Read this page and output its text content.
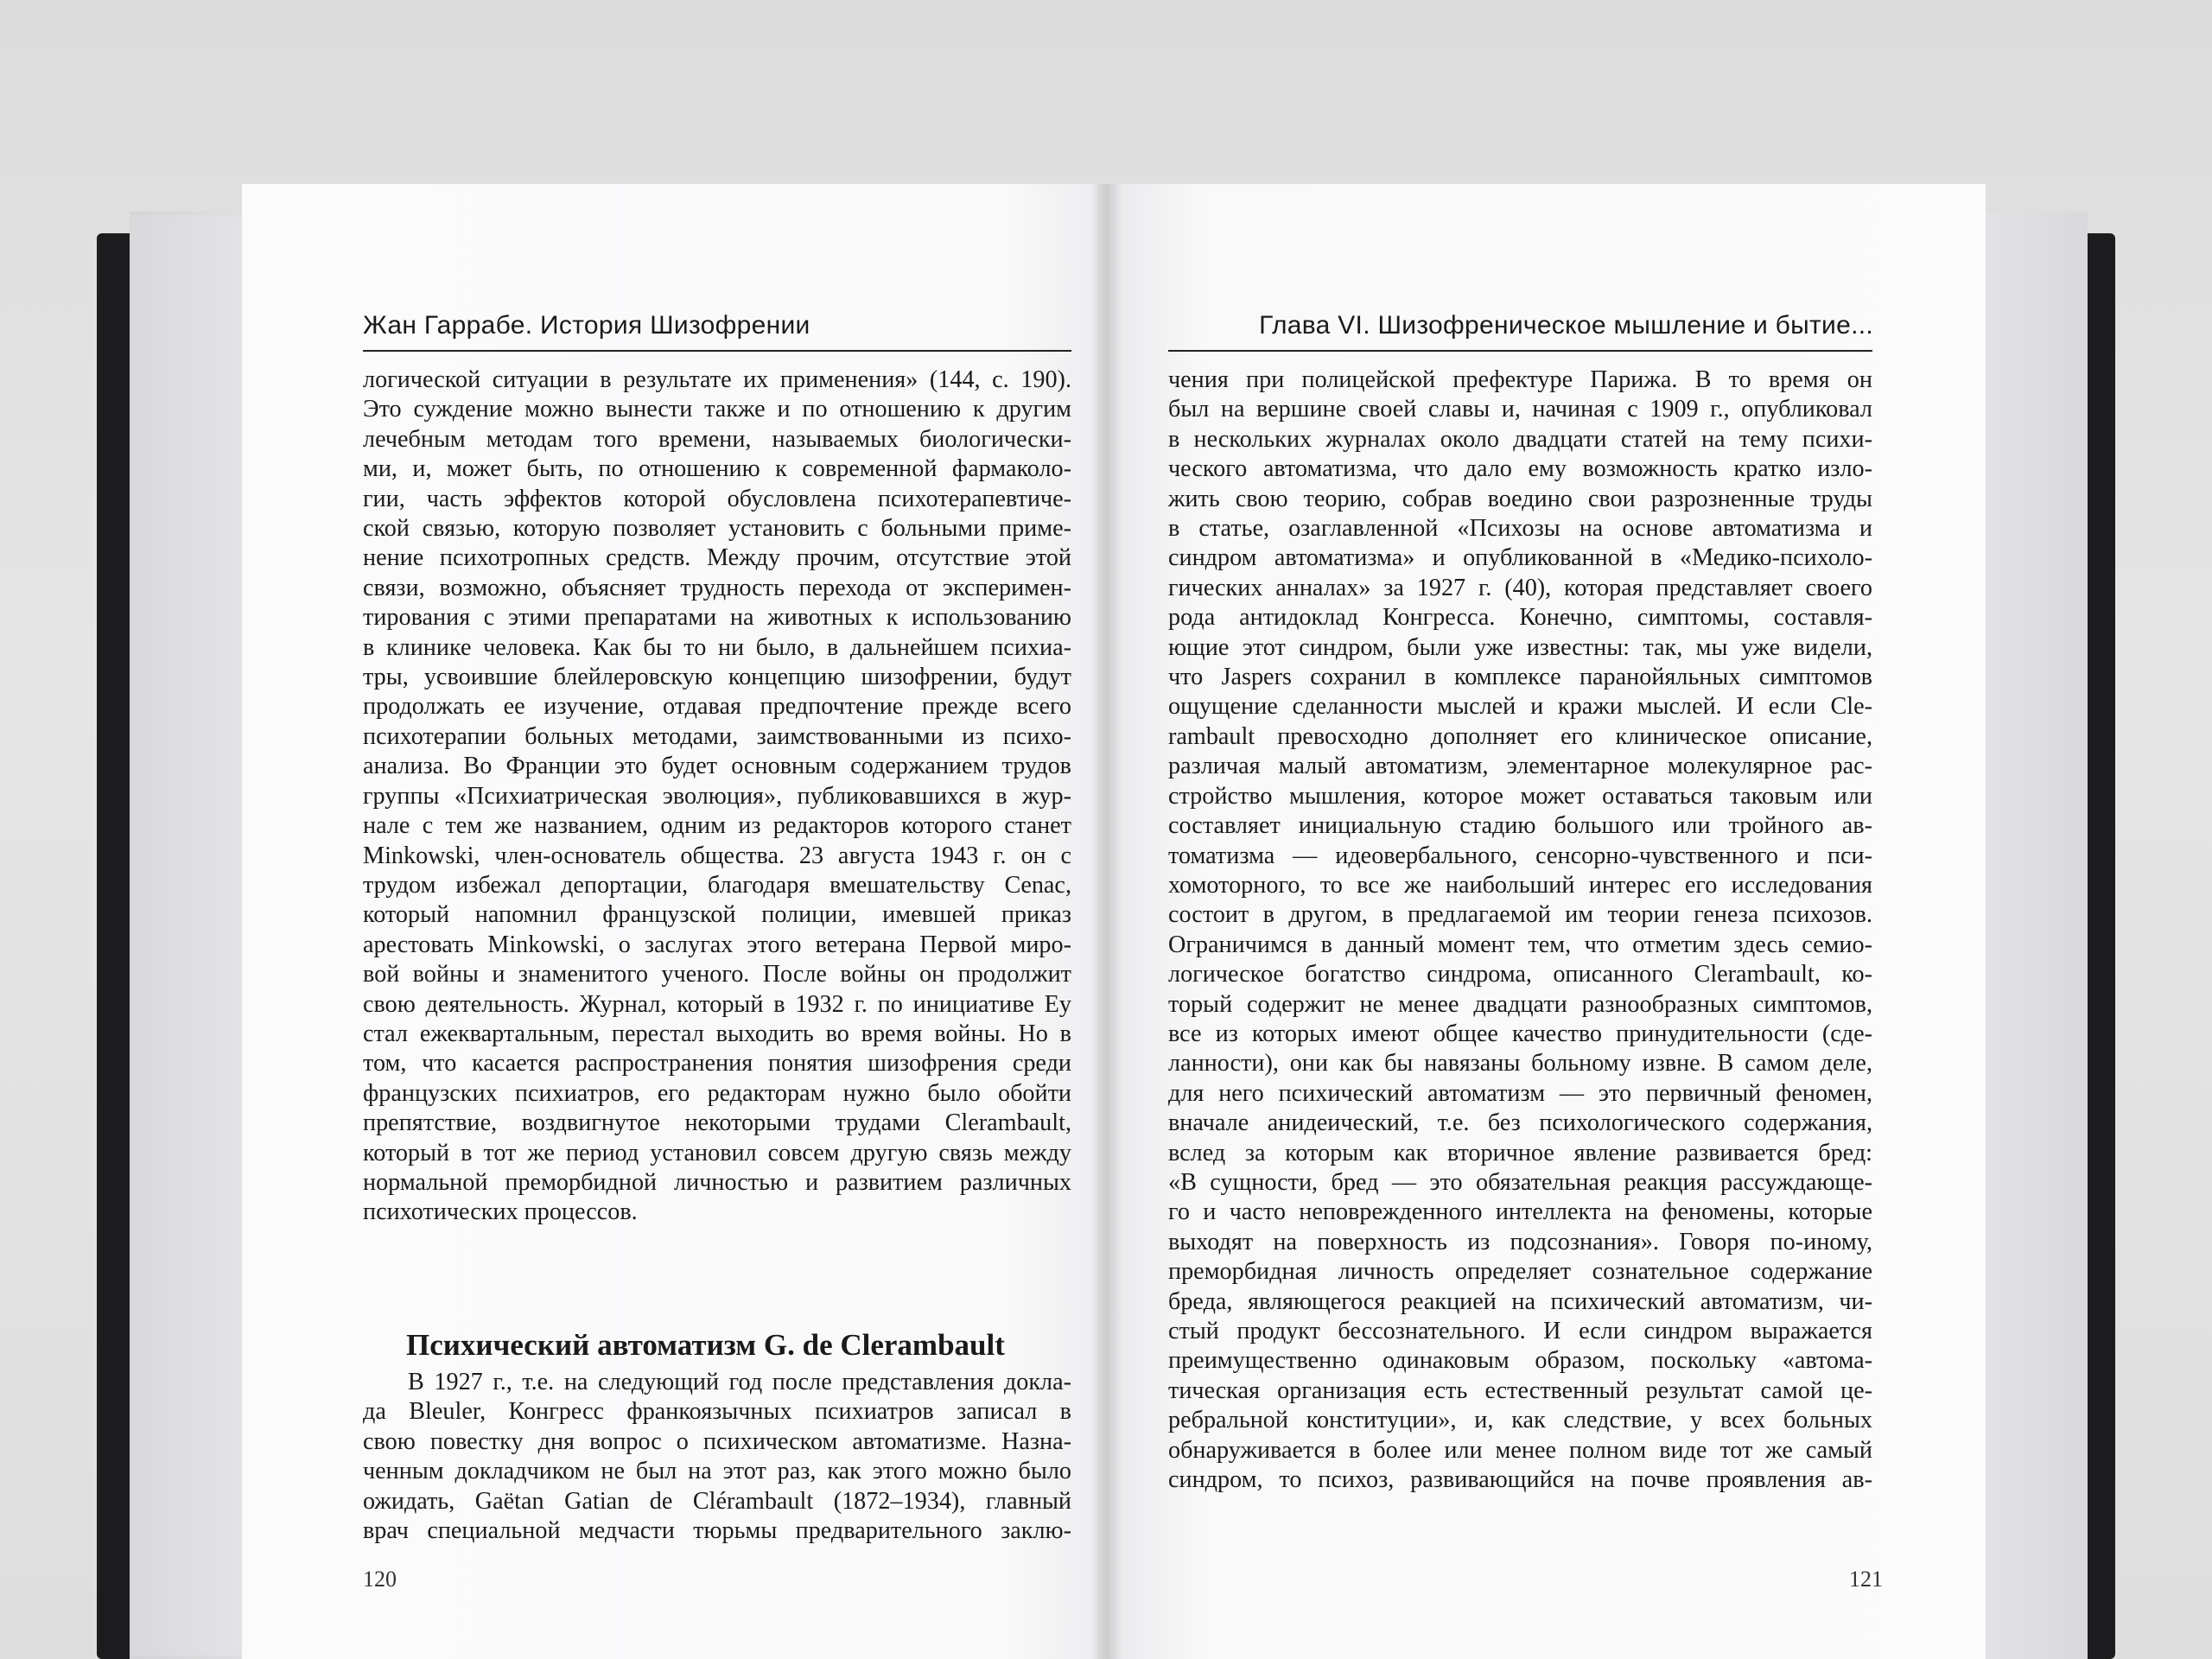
Жан Гаррабе. История Шизофрении	Глава VI. Шизофреническое мышление и бытие...
логической ситуации в результате их применения» (144, с. 190).
Это суждение можно вынести также и по отношению к другим
лечебным методам того времени, называемых биологически-
ми, и, может быть, по отношению к современной фармаколо-
гии, часть эффектов которой обусловлена психотерапевтиче-
ской связью, которую позволяет установить с больными приме-
нение психотропных средств. Между прочим, отсутствие этой
связи, возможно, объясняет трудность перехода от эксперимен-
тирования с этими препаратами на животных к использованию
в клинике человека. Как бы то ни было, в дальнейшем психиа-
тры, усвоившие блейлеровскую концепцию шизофрении, будут
продолжать ее изучение, отдавая предпочтение прежде всего
психотерапии больных методами, заимствованными из психо-
анализа. Во Франции это будет основным содержанием трудов
группы «Психиатрическая эволюция», публиковавшихся в жур-
нале с тем же названием, одним из редакторов которого станет
Minkowski, член-основатель общества. 23 августа 1943 г. он с
трудом избежал депортации, благодаря вмешательству Cenac,
который напомнил французской полиции, имевшей приказ
арестовать Minkowski, о заслугах этого ветерана Первой миро-
вой войны и знаменитого ученого. После войны он продолжит
свою деятельность. Журнал, который в 1932 г. по инициативе Ey
стал ежеквартальным, перестал выходить во время войны. Но в
том, что касается распространения понятия шизофрения среди
французских психиатров, его редакторам нужно было обойти
препятствие, воздвигнутое некоторыми трудами Clerambault,
который в тот же период установил совсем другую связь между
нормальной преморбидной личностью и развитием различных
психотических процессов.
Психический автоматизм G. de Clerambault
В 1927 г., т.е. на следующий год после представления докла-
да Bleuler, Конгресс франкоязычных психиатров записал в
свою повестку дня вопрос о психическом автоматизме. Назна-
ченным докладчиком не был на этот раз, как этого можно было
ожидать, Gaëtan Gatian de Clérambault (1872–1934), главный
врач специальной медчасти тюрьмы предварительного заклю-
чения при полицейской префектуре Парижа. В то время он
был на вершине своей славы и, начиная с 1909 г., опубликовал
в нескольких журналах около двадцати статей на тему психи-
ческого автоматизма, что дало ему возможность кратко изло-
жить свою теорию, собрав воедино свои разрозненные труды
в статье, озаглавленной «Психозы на основе автоматизма и
синдром автоматизма» и опубликованной в «Медико-психоло-
гических анналах» за 1927 г. (40), которая представляет своего
рода антидоклад Конгресса. Конечно, симптомы, составля-
ющие этот синдром, были уже известны: так, мы уже видели,
что Jaspers сохранил в комплексе паранойяльных симптомов
ощущение сделанности мыслей и кражи мыслей. И если Cle-
rambault превосходно дополняет его клиническое описание,
различая малый автоматизм, элементарное молекулярное рас-
стройство мышления, которое может оставаться таковым или
составляет инициальную стадию большого или тройного ав-
томатизма — идеовербального, сенсорно-чувственного и пси-
хомоторного, то все же наибольший интерес его исследования
состоит в другом, в предлагаемой им теории генеза психозов.
Ограничимся в данный момент тем, что отметим здесь семио-
логическое богатство синдрома, описанного Clerambault, ко-
торый содержит не менее двадцати разнообразных симптомов,
все из которых имеют общее качество принудительности (сде-
ланности), они как бы навязаны больному извне. В самом деле,
для него психический автоматизм — это первичный феномен,
вначале анидеический, т.е. без психологического содержания,
вслед за которым как вторичное явление развивается бред:
«В сущности, бред — это обязательная реакция рассуждающе-
го и часто неповрежденного интеллекта на феномены, которые
выходят на поверхность из подсознания». Говоря по-иному,
преморбидная личность определяет сознательное содержание
бреда, являющегося реакцией на психический автоматизм, чи-
стый продукт бессознательного. И если синдром выражается
преимущественно одинаковым образом, поскольку «автома-
тическая организация есть естественный результат самой це-
ребральной конституции», и, как следствие, у всех больных
обнаруживается в более или менее полном виде тот же самый
синдром, то психоз, развивающийся на почве проявления ав-
120	121
